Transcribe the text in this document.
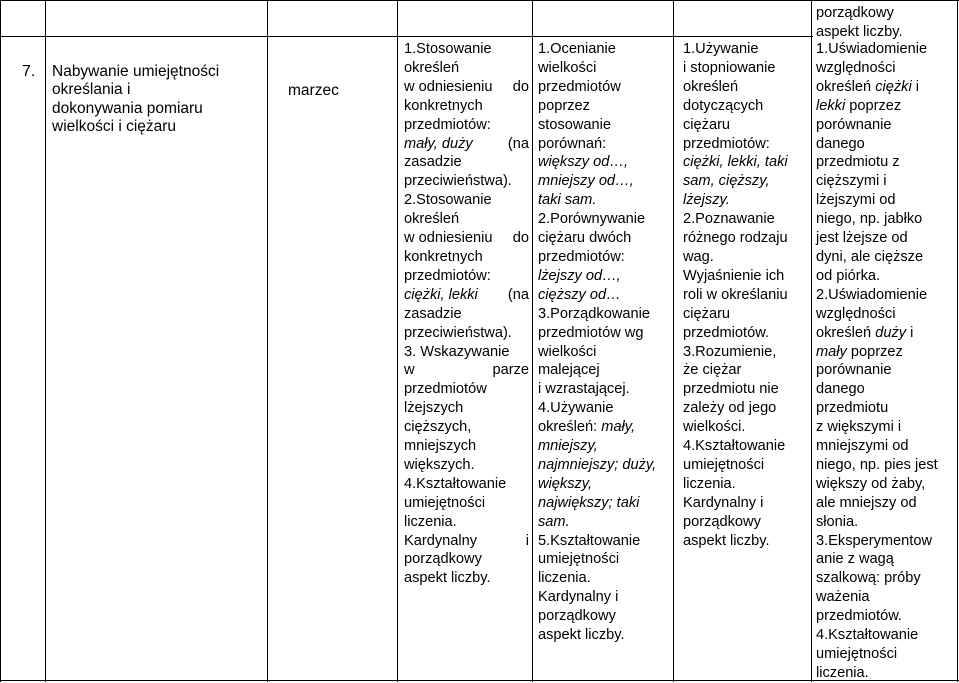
7. Nabywanie umiejętności
określania i
dokonywania pomiaru
wielkości i ciężaru
marzec
1.Stosowanie
określeń
w odniesieniu do
konkretnych
przedmiotów:
mały, duży (na
zasadzie
przeciwieństwa).
2.Stosowanie
określeń
w odniesieniu do
konkretnych
przedmiotów:
ciężki, lekki (na
zasadzie
przeciwieństwa).
3. Wskazywanie
w	parze
przedmiotów
lżejszych
cięższych,
mniejszych
większych.
4.Kształtowanie
umiejętności
liczenia.
Kardynalny	i
porządkowy
aspekt liczby.
1.Ocenianie
wielkości
przedmiotów
poprzez
stosowanie
porównań:
większy od…,
mniejszy od…,
taki sam.
2.Porównywanie
ciężaru dwóch
przedmiotów:
lżejszy od…,
cięższy od…
3.Porządkowanie
przedmiotów wg
wielkości
malejącej
i wzrastającej.
4.Używanie
określeń: mały,
mniejszy,
najmniejszy; duży,
większy,
największy; taki
sam.
5.Kształtowanie
umiejętności
liczenia.
Kardynalny i
porządkowy
aspekt liczby.
1.Używanie
i stopniowanie
określeń
dotyczących
ciężaru
przedmiotów:
ciężki, lekki, taki
sam, cięższy,
lżejszy.
2.Poznawanie
różnego rodzaju
wag.
Wyjaśnienie ich
roli w określaniu
ciężaru
przedmiotów.
3.Rozumienie,
że ciężar
przedmiotu nie
zależy od jego
wielkości.
4.Kształtowanie
umiejętności
liczenia.
Kardynalny i
porządkowy
aspekt liczby.
porządkowy
aspekt liczby.
1.Uświadomienie
względności
określeń ciężki i
lekki poprzez
porównanie
danego
przedmiotu z
cięższymi i
lżejszymi od
niego, np. jabłko
jest lżejsze od
dyni, ale cięższe
od piórka.
2.Uświadomienie
względności
określeń duży i
mały poprzez
porównanie
danego
przedmiotu
z większymi i
mniejszymi od
niego, np. pies jest
większy od żaby,
ale mniejszy od
słonia.
3.Eksperymentow
anie z wagą
szalkową: próby
ważenia
przedmiotów.
4.Kształtowanie
umiejętności
liczenia.
